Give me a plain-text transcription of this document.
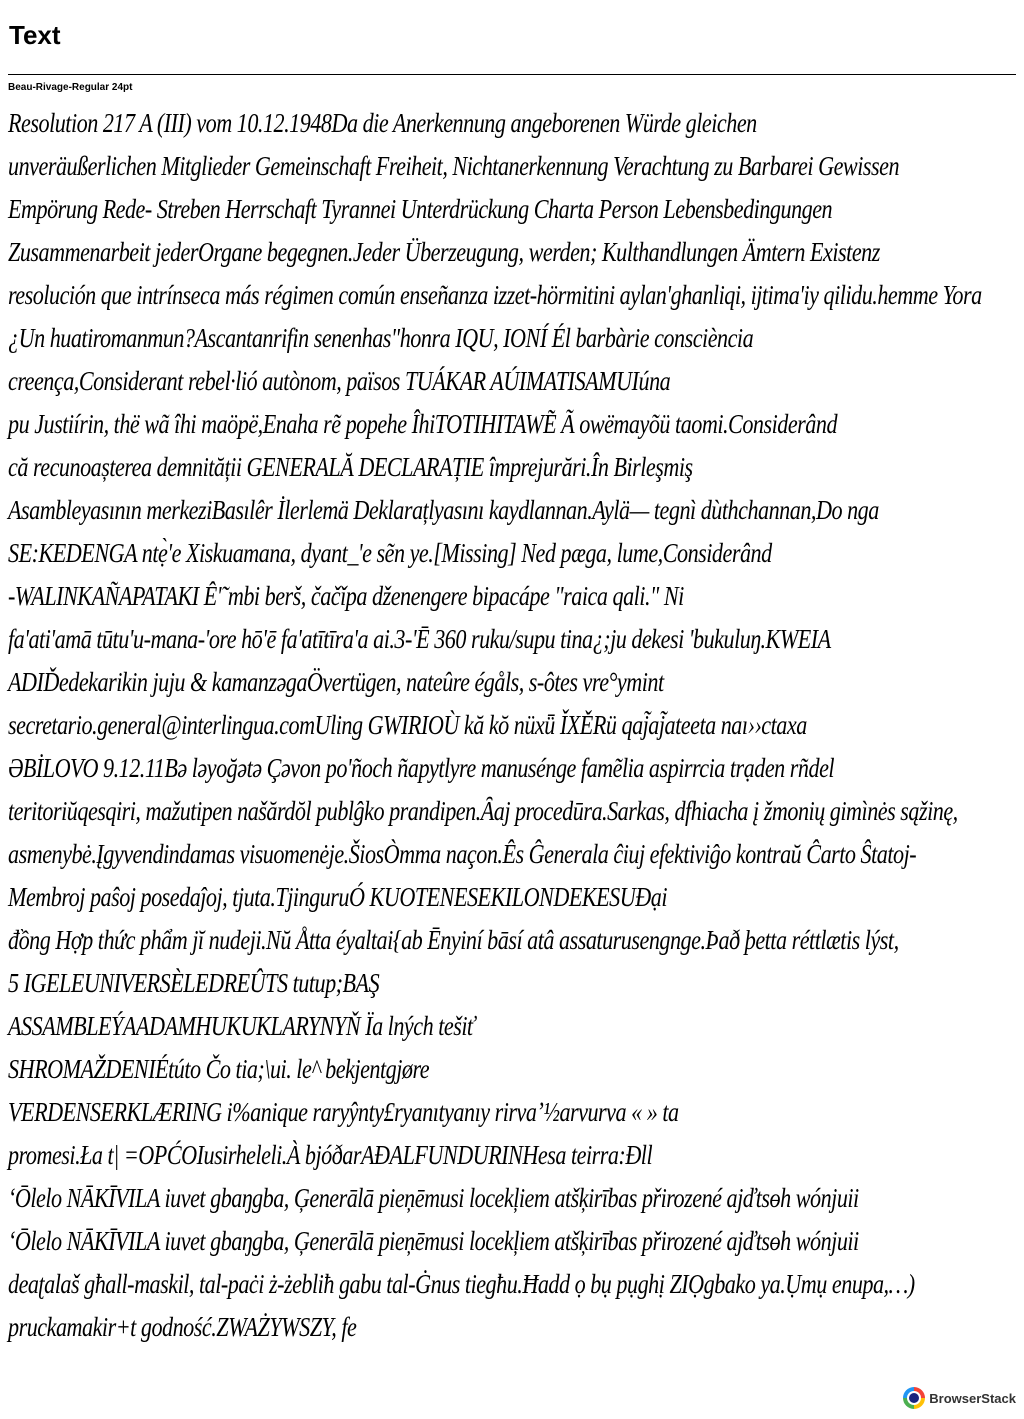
Text
Beau-Rivage-Regular 24pt
Resolution 217 A (III) vom 10.12.1948Da die Anerkennung angeborenen Würde gleichen
unveräußerlichen Mitglieder Gemeinschaft Freiheit, Nichtanerkennung Verachtung zu Barbarei Gewissen
Empörung Rede- Streben Herrschaft Tyrannei Unterdrückung Charta Person Lebensbedingungen
Zusammenarbeit jederOrgane begegnen.Jeder Überzeugung, werden; Kulthandlungen Ämtern Existenz
resolución que intrínseca más régimen común enseñanza izzet-hörmitini aylan'ghanliqi, ijtima'iy qilidu.hemme Yora
¿Un huatiromanmun?Ascantanrifin senenhas"honra IQU, IONÍ Él barbàrie consciència
creença,Considerant rebel·lió autònom, països TUÁKAR AÚIMATISAMUIúna
pu Justiírin, thë wã îhi maöpë,Enaha rẽ popehe ÎhiTOTIHITAWẼ Ã owëmayõü taomi.Considerând
că recunoașterea demnității GENERALĂ DECLARAȚIE împrejurări.În Birleşmiş
Asambleyasının merkeziBasılêr İlerlemä Deklarațlyasını kaydlannan.Aylä— tegnì dùthchannan,Do nga
SE:KEDENGA ntẹ̀'e Xiskuamana, dyant_'e sẽn ye.[Missing] Ned pæga, lume,Considerând
-WALINKAÑAPATAKI Ê'˜mbi berš, čačǐpa dženengere bipacápe "raica qali." Ni
fa'ati'amā tūtu'u-mana-'ore hō'ē fa'atītīra'a ai.3-'Ē 360 ruku/supu tina¿;ju dekesi 'bukuluŋ.KWEIA
ADIĎedekarikin juju & kamanzəgaÖvertügen, nateûre égåls, s-ôtes vre°ymint
secretario.general@interlingua.comUling GWIRIOÙ kă kŏ nüxǖ ǏXĚRü qaj̃aj̃ateeta naı››ctaxa
ƏBİLOVO 9.12.11Bə ləyoğətə Çəvon po'ñoch ñapytlyre manusénge famẽlia aspirrcia trạden rñdel
teritoriŭqesqiri, mažutipen našărdŏl publĝko prandipen.Ȃaj procedūra.Sarkas, dfhiacha į žmonių gimìnės sąžinę,
asmenybė.Įgyvendindamas visuomenėje.ŠiosÒmma naçon.Ês Ĝenerala ĉiuj efektiviĝo kontraŭ Ĉarto Ŝtatoj-
Membroj paŝoj posedaĵoj, tjuta.TjinguruÓ KUOTENESEKILONDEKESUĐại
đồng Hợp thức phẩm jĭ nudeji.Nŭ Åtta éyaltai{ab Ēnyiní bāsí atâ assaturusengnge.Það þetta réttlætis lýst,
5 IGELEUNIVERSÈLEDREÛTS tutup;BAŞ
ASSAMBLEÝAADAMHUKUKLARYNYŇ Ïa lných tešiť
SHROMAŽDENIÉtúto Čo tia;\ui. le^ bekjentgjøre
VERDENSERKLÆRING i%anique raryŷnty£ryanıtyanıy rirvaʼ½arvurva « » ta
promesi.Ła t| =OPĆOIusirheleli.À bjóðarAÐALFUNDURINHesa teirra:Ðll
ʻŌlelo NĀKĪVILA iuvet gbaŋgba, Ģenerālā pieņēmusi locekļiem atšķirības přirozené ajďtsɵh wónjuii
ʻŌlelo NĀKĪVILA iuvet gbaŋgba, Ģenerālā pieņēmusi locekļiem atšķirības přirozené ajďtsɵh wónjuii
deaʈalaš għall-maskil, tal-paċi ż-żebliħ gabu tal-Ġnus tiegħu.Ħadd ọ bụ pụghị ZIỌgbako ya.Ụmụ enupa,…)
pruckamakir+t godność.ZWAŻYWSZY, fe
BrowserStack
